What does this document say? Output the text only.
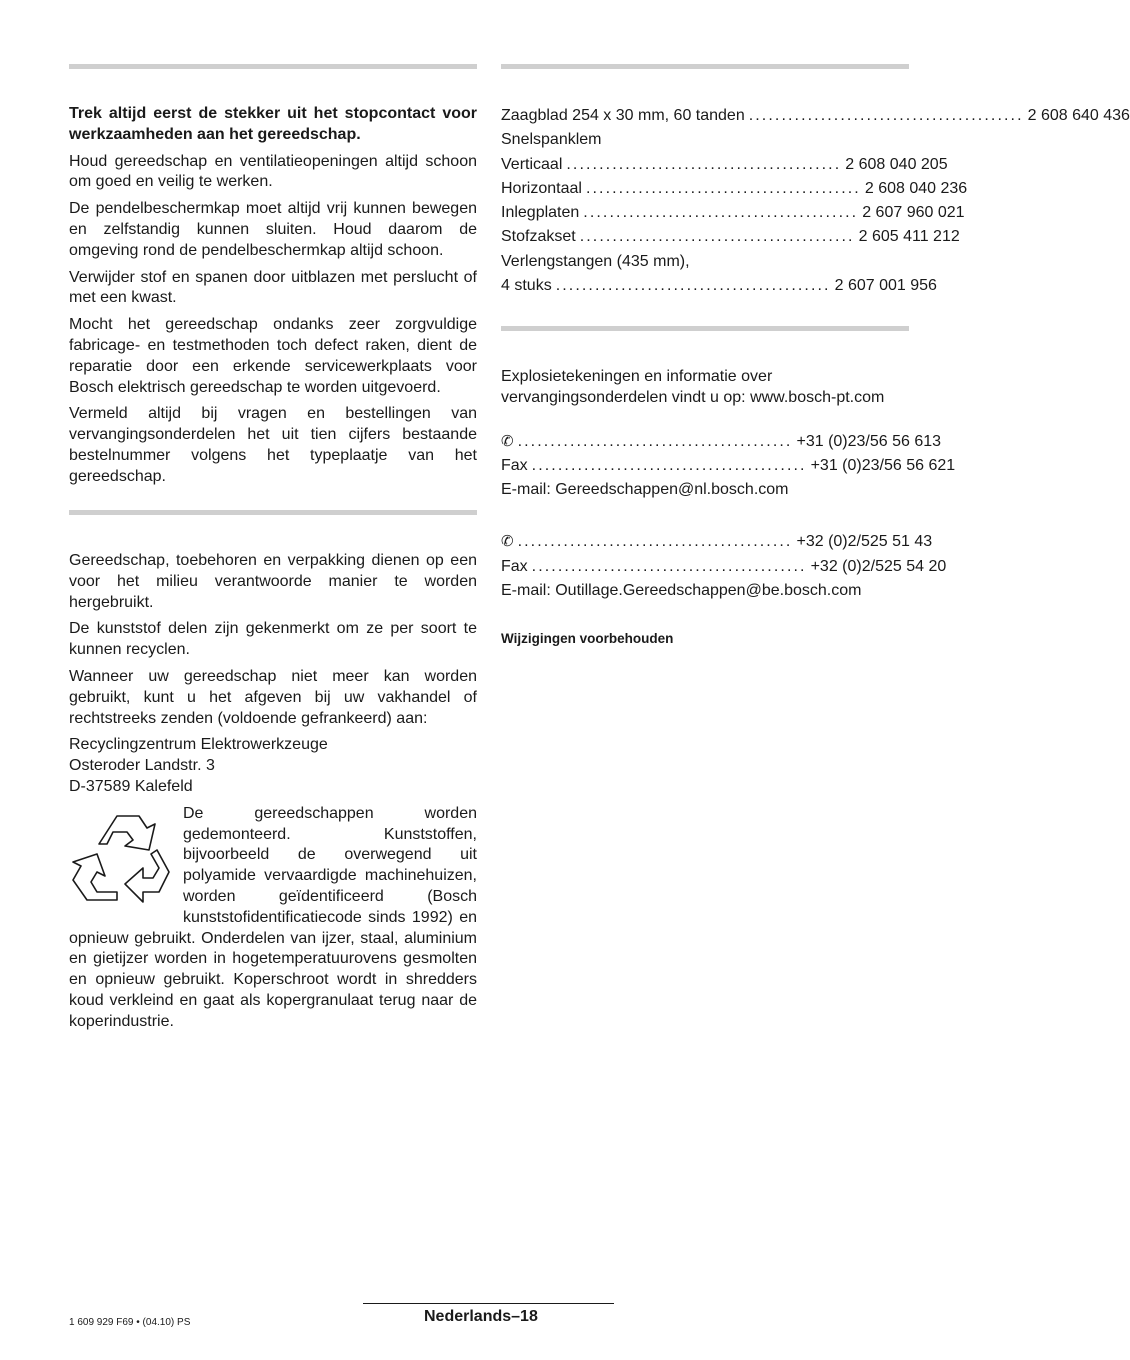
Trek altijd eerst de stekker uit het stopcontact voor werkzaamheden aan het gereedschap.

Houd gereedschap en ventilatieopeningen altijd schoon om goed en veilig te werken.

De pendelbeschermkap moet altijd vrij kunnen bewegen en zelfstandig kunnen sluiten. Houd daarom de omgeving rond de pendelbeschermkap altijd schoon.

Verwijder stof en spanen door uitblazen met perslucht of met een kwast.

Mocht het gereedschap ondanks zeer zorgvuldige fabricage- en testmethoden toch defect raken, dient de reparatie door een erkende servicewerkplaats voor Bosch elektrisch gereedschap te worden uitgevoerd.

Vermeld altijd bij vragen en bestellingen van vervangingsonderdelen het uit tien cijfers bestaande bestelnummer volgens het typeplaatje van het gereedschap.

Gereedschap, toebehoren en verpakking dienen op een voor het milieu verantwoorde manier te worden hergebruikt.

De kunststof delen zijn gekenmerkt om ze per soort te kunnen recyclen.

Wanneer uw gereedschap niet meer kan worden gebruikt, kunt u het afgeven bij uw vakhandel of rechtstreeks zenden (voldoende gefrankeerd) aan:

Recyclingzentrum Elektrowerkzeuge
Osteroder Landstr. 3
D-37589 Kalefeld

De gereedschappen worden gedemonteerd. Kunststoffen, bijvoorbeeld de overwegend uit polyamide vervaardigde machinehuizen, worden geïdentificeerd (Bosch kunststofidentificatiecode sinds 1992) en opnieuw gebruikt. Onderdelen van ijzer, staal, aluminium en gietijzer worden in hogetemperatuurovens gesmolten en opnieuw gebruikt. Koperschroot wordt in shredders koud verkleind en gaat als kopergranulaat terug naar de koperindustrie.

Zaagblad 254 x 30 mm, 60 tanden .......................................... 2 608 640 436
Snelspanklem
Verticaal .......................................... 2 608 040 205
Horizontaal .......................................... 2 608 040 236
Inlegplaten .......................................... 2 607 960 021
Stofzakset .......................................... 2 605 411 212
Verlengstangen (435 mm),
4 stuks .......................................... 2 607 001 956

Explosietekeningen en informatie over vervangingsonderdelen vindt u op: www.bosch-pt.com

✆ .......................................... +31 (0)23/56 56 613
Fax .......................................... +31 (0)23/56 56 621
E-mail: Gereedschappen@nl.bosch.com
✆ .......................................... +32 (0)2/525 51 43
Fax .......................................... +32 (0)2/525 54 20
E-mail: Outillage.Gereedschappen@be.bosch.com
Wijzigingen voorbehouden
1 609 929 F69 • (04.10) PS	Nederlands–18
